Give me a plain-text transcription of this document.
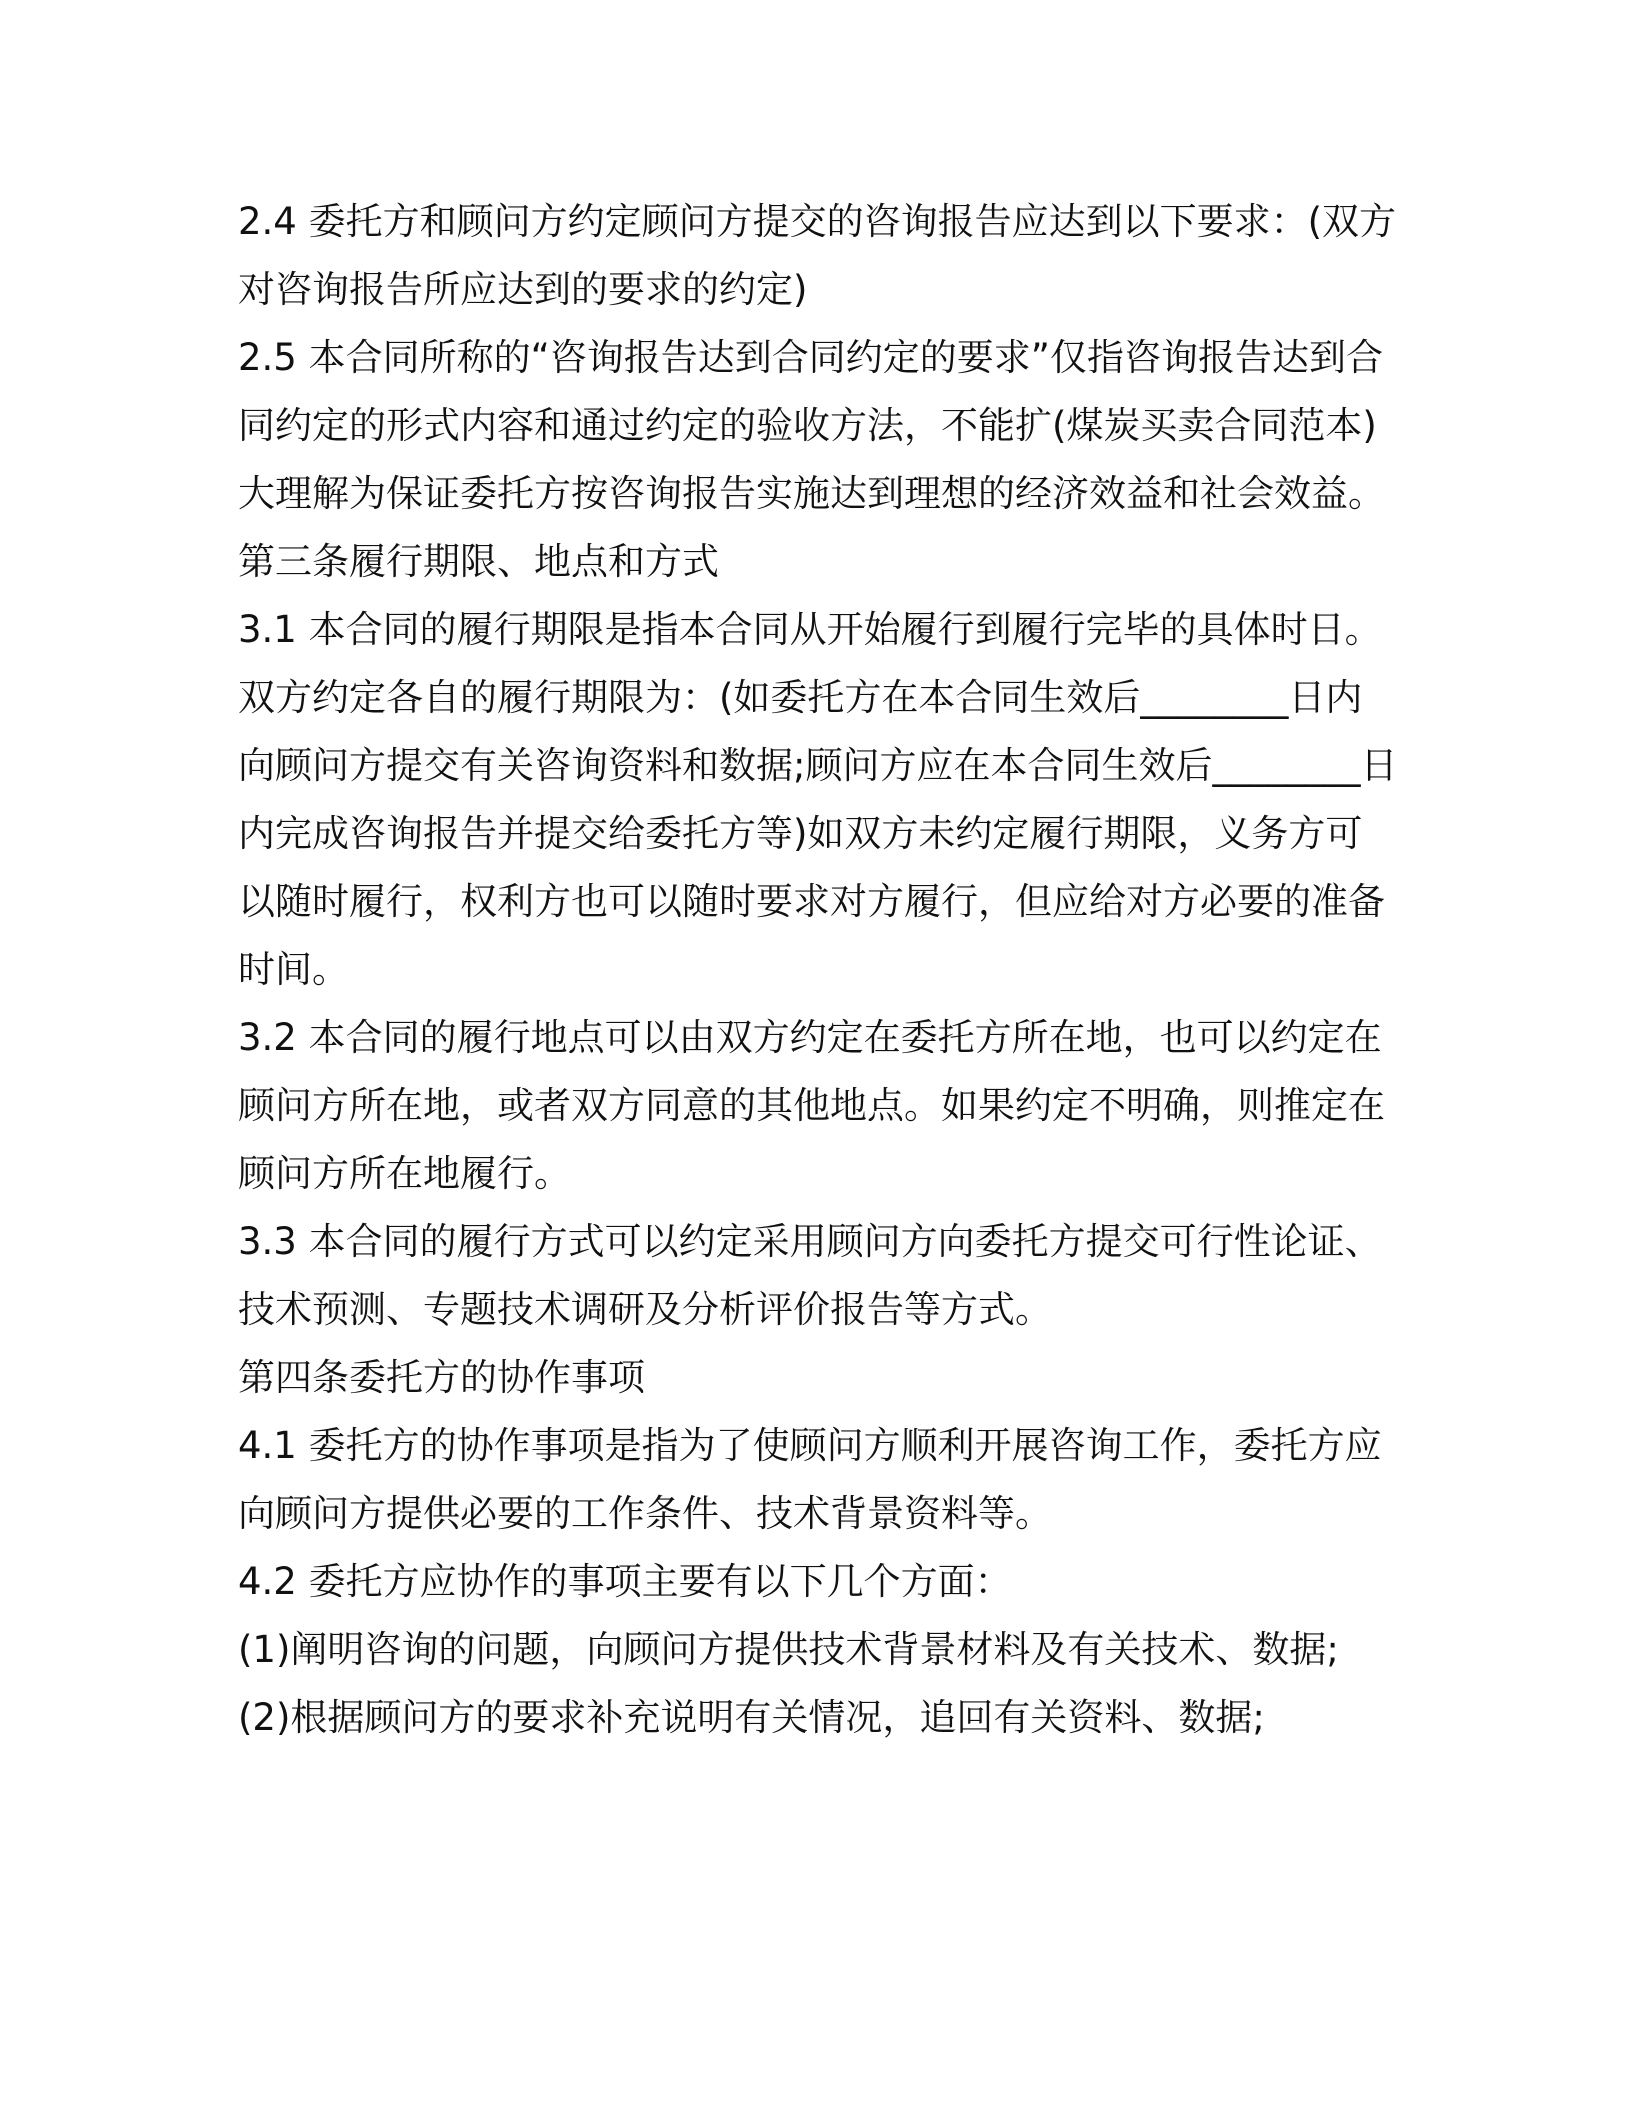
2.4 委托方和顾问方约定顾问方提交的咨询报告应达到以下要求：(双方对咨询报告所应达到的要求的约定)

2.5 本合同所称的“咨询报告达到合同约定的要求”仅指咨询报告达到合同约定的形式内容和通过约定的验收方法，不能扩(煤炭买卖合同范本)大理解为保证委托方按咨询报告实施达到理想的经济效益和社会效益。

第三条履行期限、地点和方式

3.1 本合同的履行期限是指本合同从开始履行到履行完毕的具体时日。双方约定各自的履行期限为：(如委托方在本合同生效后________日内向顾问方提交有关咨询资料和数据;顾问方应在本合同生效后________日内完成咨询报告并提交给委托方等)如双方未约定履行期限，义务方可以随时履行，权利方也可以随时要求对方履行，但应给对方必要的准备时间。

3.2 本合同的履行地点可以由双方约定在委托方所在地，也可以约定在顾问方所在地，或者双方同意的其他地点。如果约定不明确，则推定在顾问方所在地履行。

3.3 本合同的履行方式可以约定采用顾问方向委托方提交可行性论证、技术预测、专题技术调研及分析评价报告等方式。

第四条委托方的协作事项

4.1 委托方的协作事项是指为了使顾问方顺利开展咨询工作，委托方应向顾问方提供必要的工作条件、技术背景资料等。

4.2 委托方应协作的事项主要有以下几个方面：

(1)阐明咨询的问题，向顾问方提供技术背景材料及有关技术、数据;

(2)根据顾问方的要求补充说明有关情况，追回有关资料、数据;
